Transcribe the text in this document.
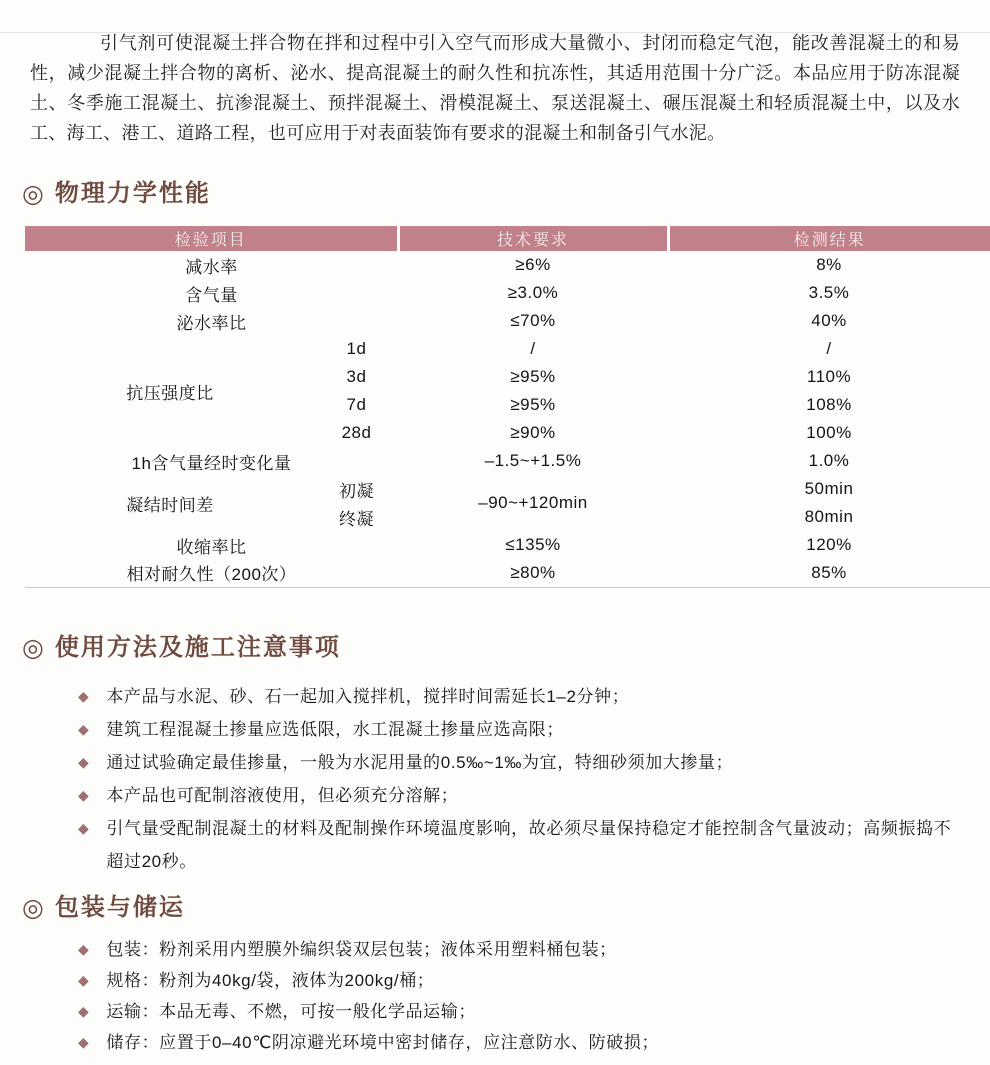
引气剂可使混凝土拌合物在拌和过程中引入空气而形成大量微小、封闭而稳定气泡，能改善混凝土的和易性，减少混凝土拌合物的离析、泌水、提高混凝土的耐久性和抗冻性，其适用范围十分广泛。本品应用于防冻混凝土、冬季施工混凝土、抗渗混凝土、预拌混凝土、滑模混凝土、泵送混凝土、碾压混凝土和轻质混凝土中，以及水工、海工、港工、道路工程，也可应用于对表面装饰有要求的混凝土和制备引气水泥。

◎ 物理力学性能
检验项目		技术要求	检测结果
减水率		≥6%	8%
含气量		≥3.0%	3.5%
泌水率比		≤70%	40%
抗压强度比	1d	/	/
	3d	≥95%	110%
	7d	≥95%	108%
	28d	≥90%	100%
1h含气量经时变化量		–1.5~+1.5%	1.0%
凝结时间差	初凝	–90~+120min	50min
	终凝		80min
收缩率比		≤135%	120%
相对耐久性（200次）		≥80%	85%
◎ 使用方法及施工注意事项
◆ 本产品与水泥、砂、石一起加入搅拌机，搅拌时间需延长1–2分钟；
◆ 建筑工程混凝土掺量应选低限，水工混凝土掺量应选高限；
◆ 通过试验确定最佳掺量，一般为水泥用量的0.5‰~1‰为宜，特细砂须加大掺量；
◆ 本产品也可配制溶液使用，但必须充分溶解；
◆ 引气量受配制混凝土的材料及配制操作环境温度影响，故必须尽量保持稳定才能控制含气量波动；高频振捣不超过20秒。
◎ 包装与储运
◆ 包装：粉剂采用内塑膜外编织袋双层包装；液体采用塑料桶包装；
◆ 规格：粉剂为40kg/袋，液体为200kg/桶；
◆ 运输：本品无毒、不燃，可按一般化学品运输；
◆ 储存：应置于0–40℃阴凉避光环境中密封储存，应注意防水、防破损；
